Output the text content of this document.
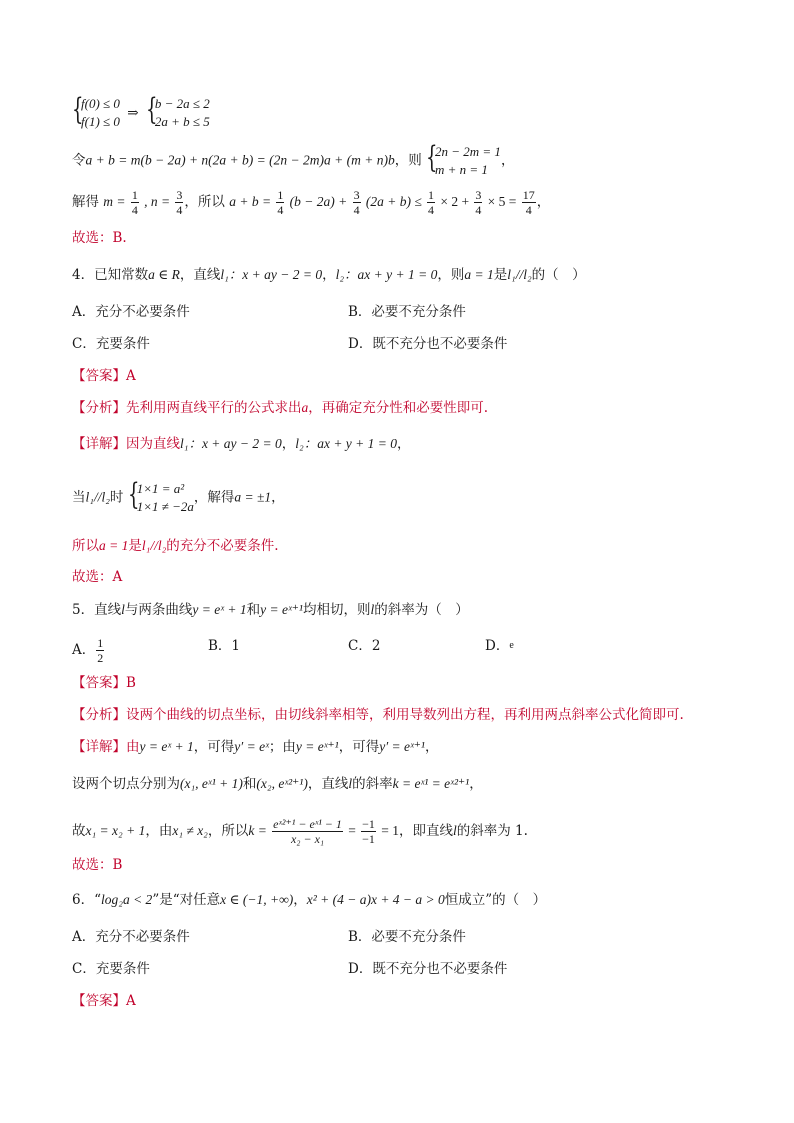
{
f(0) ≤ 0
f(1) ≤ 0
⇒ {
b − 2a ≤ 2
2a + b ≤ 5
令a + b = m(b − 2a) + n(2a + b) = (2n − 2m)a + (m + n)b，则 {
2n − 2m = 1
m + n = 1
，
解得 $m = \frac{1}{4}$ , $n = \frac{3}{4}$ ，所以 $a + b = \frac{1}{4} (b - 2a) + \frac{3}{4} (2a + b) \le \frac{1}{4} \times 2 + \frac{3}{4} \times 5 = \frac{17}{4}$ ，
故选：B.
4．已知常数a ∈ R，直线l₁：x + ay − 2 = 0，l₂：ax + y + 1 = 0，则a = 1是l₁//l₂的（　）
A．充分不必要条件	B．必要不充分条件
C．充要条件	D．既不充分也不必要条件
【答案】A
【分析】先利用两直线平行的公式求出a，再确定充分性和必要性即可.
【详解】因为直线l₁：x + ay − 2 = 0，l₂：ax + y + 1 = 0，
当l₁//l₂时 {
1×1 = a²
1×1 ≠ −2a
，解得a = ±1，
所以a = 1是l₁//l₂的充分不必要条件.
故选：A
5．直线l与两条曲线y = eˣ + 1和y = eˣ⁺¹均相切，则l的斜率为（　）
A． $\frac{1}{2}$	B．1	C．2	D．$^e$
【答案】B
【分析】设两个曲线的切点坐标，由切线斜率相等，利用导数列出方程，再利用两点斜率公式化简即可.
【详解】由y = eˣ + 1，可得y′ = eˣ；由y = eˣ⁺¹，可得y′ = eˣ⁺¹，
设两个切点分别为(x₁, eˣ¹ + 1)和(x₂, eˣ²⁺¹)，直线l的斜率k = eˣ¹ = eˣ²⁺¹，
故x₁ = x₂ + 1，由x₁ ≠ x₂，所以$k = \frac{\text{eˣ²⁺¹ − eˣ¹ − 1}}{\text{x₂ − x₁}} = \frac{-1}{-1} = 1$，即直线l的斜率为 1.
故选：B
6．“log₂a < 2”是“对任意x ∈ (−1, +∞)，x² + (4 − a)x + 4 − a > 0恒成立”的（　）
A．充分不必要条件	B．必要不充分条件
C．充要条件	D．既不充分也不必要条件
【答案】A
